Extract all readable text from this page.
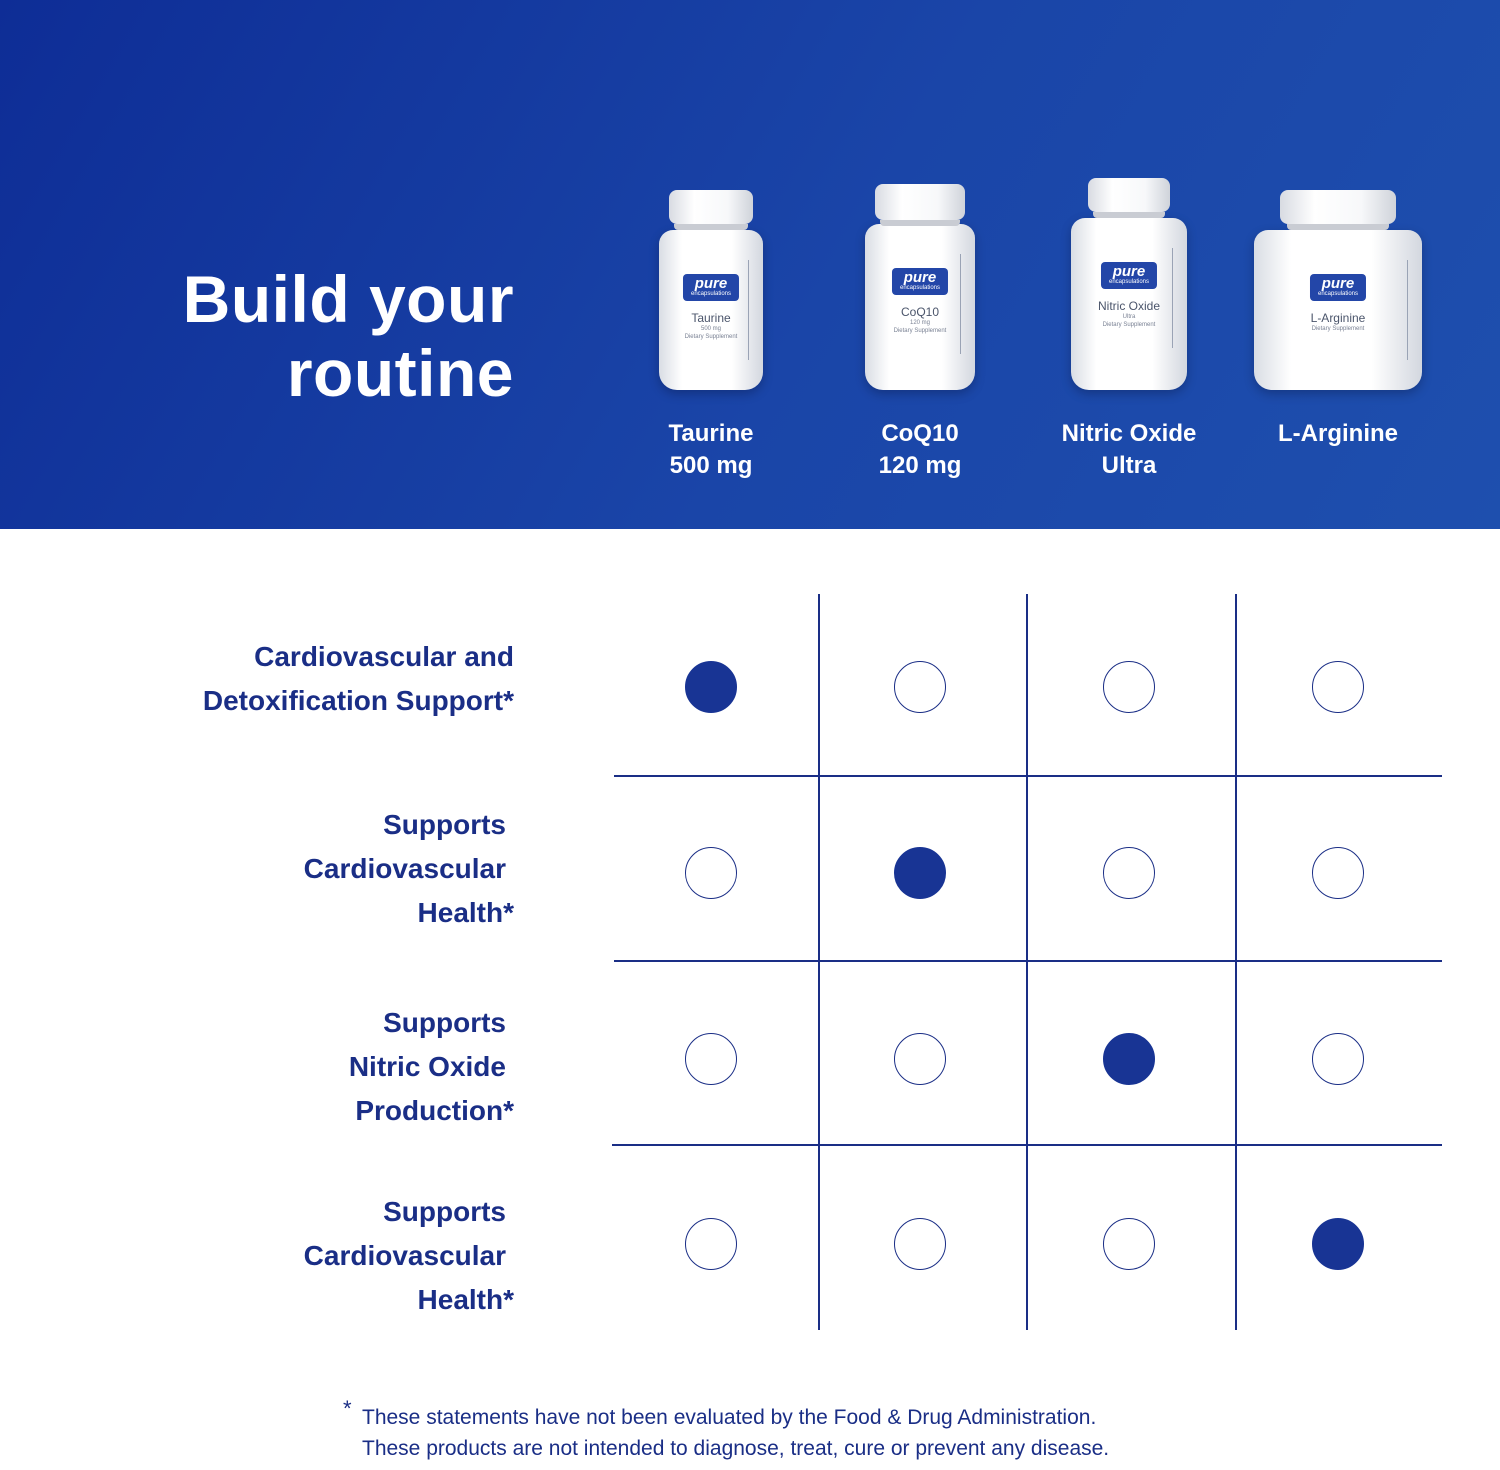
Build your
routine
pure
encapsulations
Taurine
500 mg
Dietary Supplement
Taurine
500 mg
pure
encapsulations
CoQ10
120 mg
Dietary Supplement
CoQ10
120 mg
pure
encapsulations
Nitric Oxide
Ultra
Dietary Supplement
Nitric Oxide
Ultra
pure
encapsulations
L-Arginine
Dietary Supplement
L-Arginine
Cardiovascular and
Detoxification Support*
Supports
Cardiovascular
Health*
Supports
Nitric Oxide
Production*
Supports
Cardiovascular
Health*
* These statements have not been evaluated by the Food & Drug Administration.
These products are not intended to diagnose, treat, cure or prevent any disease.
